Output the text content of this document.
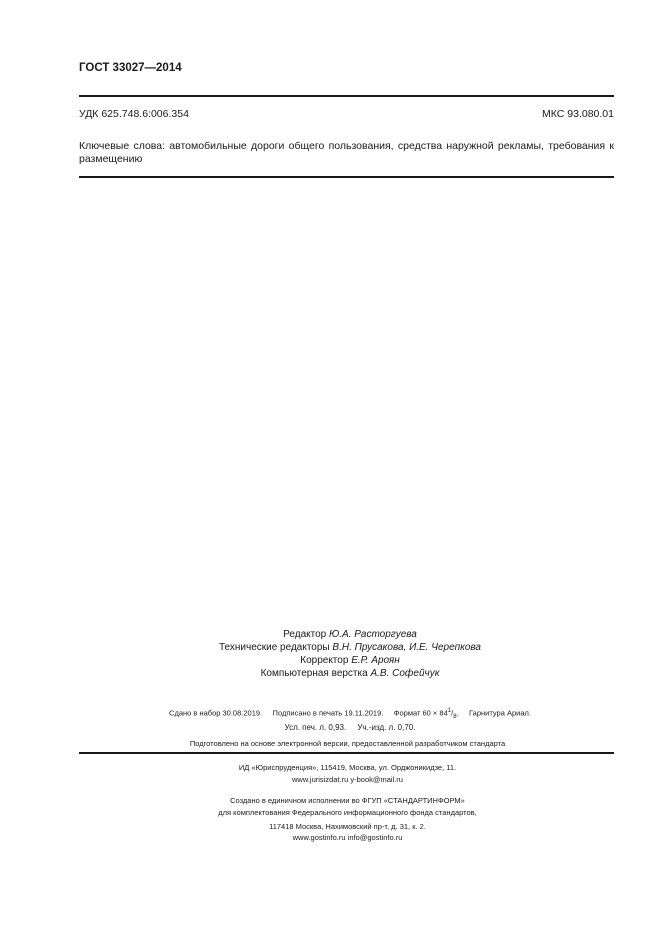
ГОСТ 33027—2014
УДК 625.748.6:006.354	МКС 93.080.01
Ключевые слова: автомобильные дороги общего пользования, средства наружной рекламы, требования к размещению
Редактор Ю.А. Расторгуева
Технические редакторы В.Н. Прусакова, И.Е. Черепкова
Корректор Е.Р. Ароян
Компьютерная верстка А.В. Софейчук
Сдано в набор 30.08.2019. Подписано в печать 19.11.2019. Формат $60 \times 84^1/_8$.     Гарнитура Ариал.
Усл. печ. л. 0,93. Уч.-изд. л. 0,70.
Подготовлено на основе электронной версии, предоставленной разработчиком стандарта
ИД «Юриспруденция», 115419, Москва, ул. Орджоникидзе, 11.
www.jurisizdat.ru y-book@mail.ru
Создано в единичном исполнении во ФГУП «СТАНДАРТИНФОРМ»
для комплектования Федерального информационного фонда стандартов,
117418 Москва, Нахимовский пр-т, д. 31, к. 2.
www.gostinfo.ru info@gostinfo.ru
